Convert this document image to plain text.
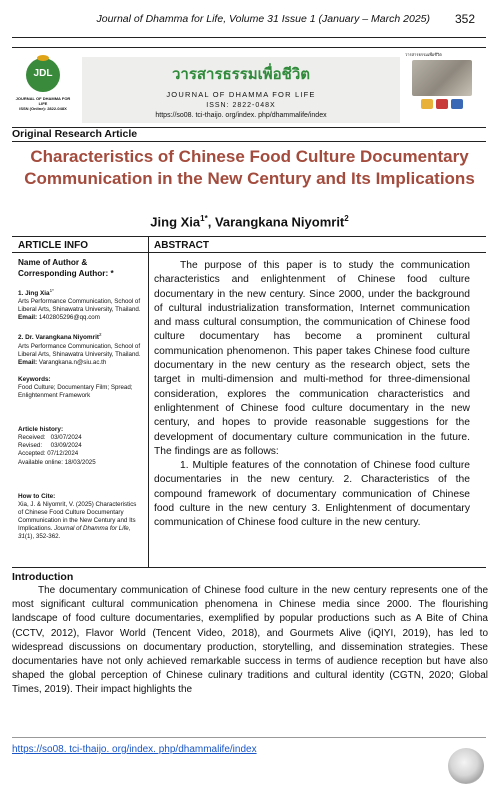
Journal of Dhamma for Life, Volume 31 Issue 1 (January – March 2025) 352
JDL
JOURNAL OF DHAMMA FOR LIFE
ISSN (Online): 2822-048X
วารสารธรรมเพื่อชีวิต
JOURNAL OF DHAMMA FOR LIFE
ISSN: 2822-048X
https://so08. tci-thaijo. org/index. php/dhammalife/index
วารสารธรรมเพื่อชีวิต
Original Research Article
Characteristics of Chinese Food Culture Documentary Communication in the New Century and Its Implications
Jing Xia$^{1*}$, Varangkana Niyomrit$^2$
ARTICLE INFO
Name of Author & Corresponding Author: *
1. Jing Xia$^{1*}$
Arts Performance Communication, School of Liberal Arts, Shinawatra University, Thailand.
Email: 1402805296@qq.com
2. Dr. Varangkana Niyomrit$^2$
Arts Performance Communication, School of Liberal Arts, Shinawatra University, Thailand.
Email: Varangkana.n@siu.ac.th
Keywords:
Food Culture; Documentary Film; Spread; Enlightenment Framework
Article history:
Received:   03/07/2024
Revised:     03/09/2024
Accepted: 07/12/2024
Available online: 18/03/2025
How to Cite:
Xia, J. & Niyomrit, V. (2025) Characteristics of Chinese Food Culture Documentary Communication in the New Century and Its Implications. Journal of Dhamma for Life, 31(1), 352-362.
ABSTRACT
The purpose of this paper is to study the communication characteristics and enlightenment of Chinese food culture documentary in the new century. Since 2000, under the background of cultural industrialization transformation, Internet communication and mass cultural consumption, the communication of Chinese food culture documentary has become a prominent cultural communication phenomenon. This paper takes Chinese food culture documentary in the new century as the research object, sets the target in multi-dimension and multi-method for three-dimensional consideration, explores the communication characteristics and enlightenment of Chinese food culture documentary in the new century, and hopes to provide reasonable suggestions for the development of documentary culture communication in the future. The findings are as follows:
1. Multiple features of the connotation of Chinese food culture documentaries in the new century. 2. Characteristics of the compound framework of documentary communication of Chinese food culture in the new century 3. Enlightenment of documentary communication of Chinese food culture in the new century.
Introduction
The documentary communication of Chinese food culture in the new century represents one of the most significant cultural communication phenomena in Chinese media since 2000. The flourishing landscape of food culture documentaries, exemplified by popular productions such as A Bite of China (CCTV, 2012), Flavor World (Tencent Video, 2018), and Gourmets Alive (iQIYI, 2019), has led to widespread discussions on documentary production, storytelling, and dissemination strategies. These documentaries have not only achieved remarkable success in terms of audience reception but have also shaped the global perception of Chinese culinary traditions and cultural identity (CGTN, 2020; Global Times, 2019). Their impact highlights the
https://so08. tci-thaijo. org/index. php/dhammalife/index
